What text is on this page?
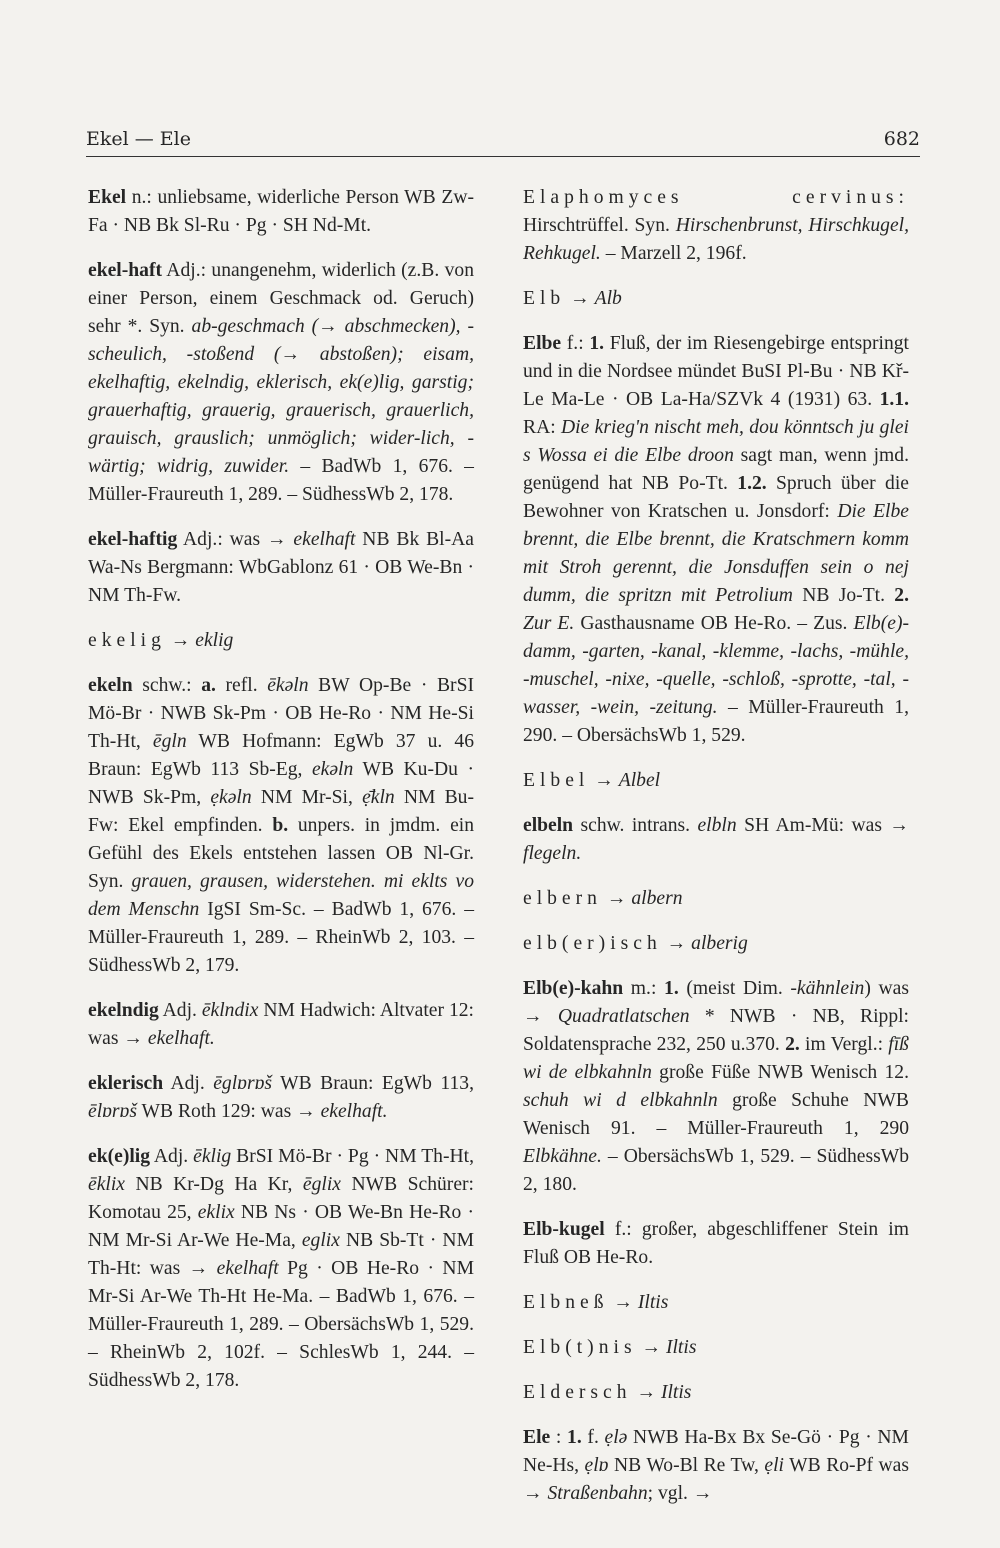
Ekel — Ele	682

Ekel n.: unliebsame, widerliche Person WB Zw-Fa · NB Bk Sl-Ru · Pg · SH Nd-Mt.

ekel-haft Adj.: unangenehm, widerlich (z.B. von einer Person, einem Geschmack od. Geruch) sehr *. Syn. ab-geschmach (→ abschmecken), -scheulich, -stoßend (→ abstoßen); eisam, ekelhaftig, ekelndig, eklerisch, ek(e)lig, garstig; grauerhaftig, grauerig, grauerisch, grauerlich, grauisch, grauslich; unmöglich; wider-lich, -wärtig; widrig, zuwider. – BadWb 1, 676. – Müller-Fraureuth 1, 289. – SüdhessWb 2, 178.

ekel-haftig Adj.: was → ekelhaft NB Bk Bl-Aa Wa-Ns Bergmann: WbGablonz 61 · OB We-Bn · NM Th-Fw.

ekelig → eklig

ekeln schw.: a. refl. ēkəln BW Op-Be · BrSI Mö-Br · NWB Sk-Pm · OB He-Ro · NM He-Si Th-Ht, ēgln WB Hofmann: EgWb 37 u. 46 Braun: EgWb 113 Sb-Eg, ekəln WB Ku-Du · NWB Sk-Pm, ẹkəln NM Mr-Si, ẹ̄kln NM Bu-Fw: Ekel empfinden. b. unpers. in jmdm. ein Gefühl des Ekels entstehen lassen OB Nl-Gr. Syn. grauen, grausen, widerstehen. mi eklts vo dem Menschn IgSI Sm-Sc. – BadWb 1, 676. – Müller-Fraureuth 1, 289. – RheinWb 2, 103. – SüdhessWb 2, 179.

ekelndig Adj. ēklndix NM Hadwich: Altvater 12: was → ekelhaft.

eklerisch Adj. ēglɒrɒš WB Braun: EgWb 113, ēlɒrɒš WB Roth 129: was → ekelhaft.

ek(e)lig Adj. ēklig BrSI Mö-Br · Pg · NM Th-Ht, ēklix NB Kr-Dg Ha Kr, ēglix NWB Schürer: Komotau 25, eklix NB Ns · OB We-Bn He-Ro · NM Mr-Si Ar-We He-Ma, eglix NB Sb-Tt · NM Th-Ht: was → ekelhaft Pg · OB He-Ro · NM Mr-Si Ar-We Th-Ht He-Ma. – BadWb 1, 676. – Müller-Fraureuth 1, 289. – ObersächsWb 1, 529. – RheinWb 2, 102f. – SchlesWb 1, 244. – SüdhessWb 2, 178.

Elaphomyces cervinus: Hirschtrüffel. Syn. Hirschenbrunst, Hirschkugel, Rehkugel. – Marzell 2, 196f.

Elb → Alb

Elbe f.: 1. Fluß, der im Riesengebirge entspringt und in die Nordsee mündet BuSI Pl-Bu · NB Kř-Le Ma-Le · OB La-Ha/SZVk 4 (1931) 63. 1.1. RA: Die krieg'n nischt meh, dou könntsch ju glei s Wossa ei die Elbe droon sagt man, wenn jmd. genügend hat NB Po-Tt. 1.2. Spruch über die Bewohner von Kratschen u. Jonsdorf: Die Elbe brennt, die Elbe brennt, die Kratschmern komm mit Stroh gerennt, die Jonsduffen sein o nej dumm, die spritzn mit Petrolium NB Jo-Tt. 2. Zur E. Gasthausname OB He-Ro. – Zus. Elb(e)-damm, -garten, -kanal, -klemme, -lachs, -mühle, -muschel, -nixe, -quelle, -schloß, -sprotte, -tal, -wasser, -wein, -zeitung. – Müller-Fraureuth 1, 290. – ObersächsWb 1, 529.

Elbel → Albel

elbeln schw. intrans. elbln SH Am-Mü: was → flegeln.

elbern → albern

elb(er)isch → alberig

Elb(e)-kahn m.: 1. (meist Dim. -kähnlein) was → Quadratlatschen * NWB · NB, Rippl: Soldatensprache 232, 250 u.370. 2. im Vergl.: fīß wi de elbkahnln große Füße NWB Wenisch 12. schuh wi d elbkahnln große Schuhe NWB Wenisch 91. – Müller-Fraureuth 1, 290 Elbkähne. – ObersächsWb 1, 529. – SüdhessWb 2, 180.

Elb-kugel f.: großer, abgeschliffener Stein im Fluß OB He-Ro.

Elbneß → Iltis

Elb(t)nis → Iltis

Eldersch → Iltis

Ele : 1. f. ẹlə NWB Ha-Bx Bx Se-Gö · Pg · NM Ne-Hs, ẹlɒ NB Wo-Bl Re Tw, ẹli WB Ro-Pf was → Straßenbahn; vgl. →
